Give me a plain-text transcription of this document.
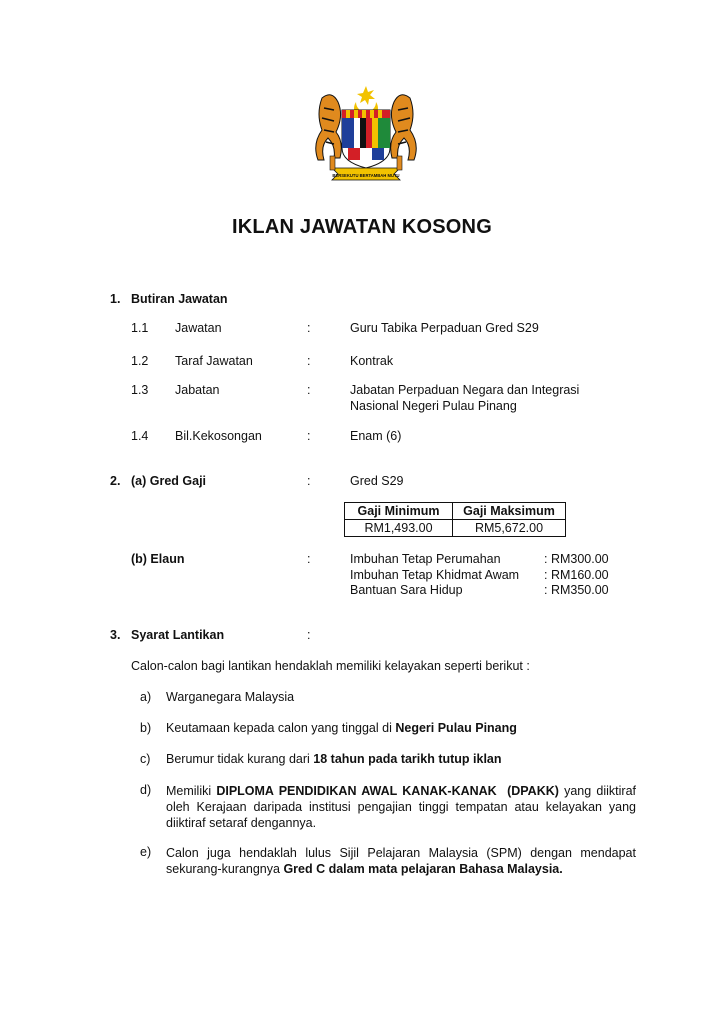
BERSEKUTU BERTAMBAH MUTU
IKLAN JAWATAN KOSONG
1. Butiran Jawatan
1.1 Jawatan	:	Guru Tabika Perpaduan Gred S29
1.2 Taraf Jawatan	:	Kontrak
1.3 Jabatan	:	Jabatan Perpaduan Negara dan Integrasi
Nasional Negeri Pulau Pinang
1.4 Bil.Kekosongan	:	Enam (6)
2. (a) Gred Gaji	:	Gred S29
Gaji Minimum	Gaji Maksimum
RM1,493.00	RM5,672.00
(b) Elaun	:	Imbuhan Tetap Perumahan	: RM300.00
Imbuhan Tetap Khidmat Awam : RM160.00
Bantuan Sara Hidup	: RM350.00
3. Syarat Lantikan	:
Calon-calon bagi lantikan hendaklah memiliki kelayakan seperti berikut :
a) Warganegara Malaysia
b) Keutamaan kepada calon yang tinggal di Negeri Pulau Pinang
c) Berumur tidak kurang dari 18 tahun pada tarikh tutup iklan
d) Memiliki DIPLOMA PENDIDIKAN AWAL KANAK-KANAK  (DPAKK) yang diiktiraf oleh Kerajaan daripada institusi pengajian tinggi tempatan atau kelayakan yang diiktiraf setaraf dengannya.
e) Calon juga hendaklah lulus Sijil Pelajaran Malaysia (SPM) dengan mendapat sekurang-kurangnya Gred C dalam mata pelajaran Bahasa Malaysia.
